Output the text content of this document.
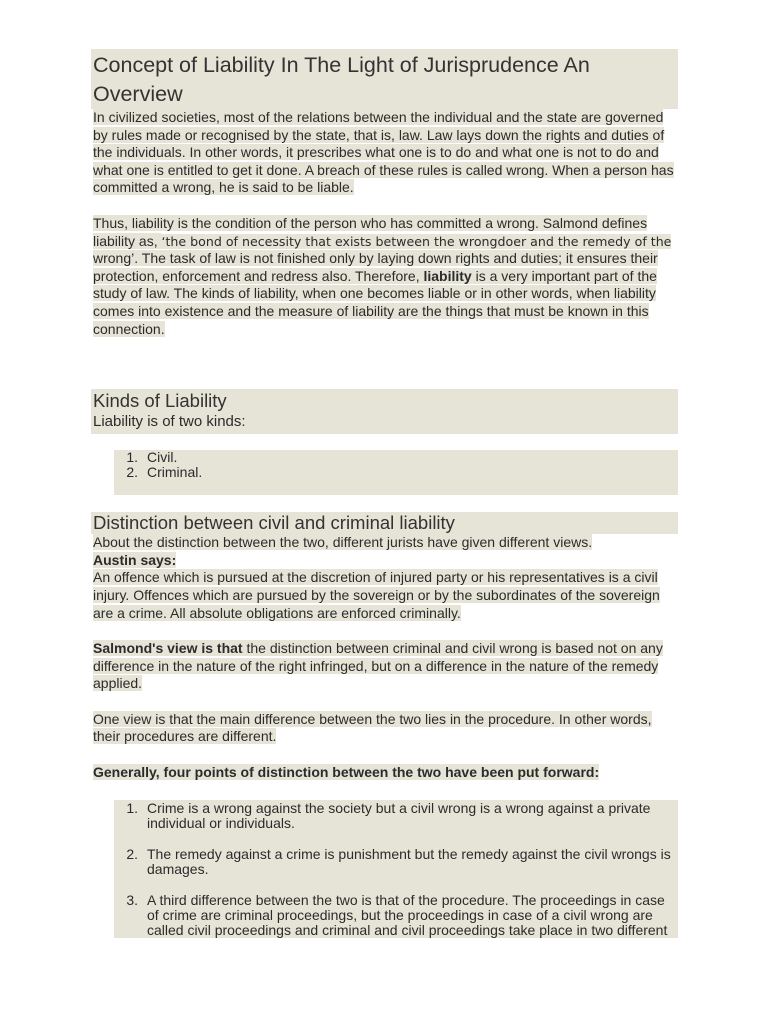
Concept of Liability In The Light of Jurisprudence An Overview

In civilized societies, most of the relations between the individual and the state are governed by rules made or recognised by the state, that is, law. Law lays down the rights and duties of the individuals. In other words, it prescribes what one is to do and what one is not to do and what one is entitled to get it done. A breach of these rules is called wrong. When a person has committed a wrong, he is said to be liable.

Thus, liability is the condition of the person who has committed a wrong. Salmond defines liability as, ‘the bond of necessity that exists between the wrongdoer and the remedy of the wrong’. The task of law is not finished only by laying down rights and duties; it ensures their protection, enforcement and redress also. Therefore, liability is a very important part of the study of law. The kinds of liability, when one becomes liable or in other words, when liability comes into existence and the measure of liability are the things that must be known in this connection.

Kinds of Liability

Liability is of two kinds:

1. Civil.
2. Criminal.
Distinction between civil and criminal liability

About the distinction between the two, different jurists have given different views.

Austin says:

An offence which is pursued at the discretion of injured party or his representatives is a civil injury. Offences which are pursued by the sovereign or by the subordinates of the sovereign are a crime. All absolute obligations are enforced criminally.

Salmond's view is that the distinction between criminal and civil wrong is based not on any difference in the nature of the right infringed, but on a difference in the nature of the remedy applied.

One view is that the main difference between the two lies in the procedure. In other words, their procedures are different.

Generally, four points of distinction between the two have been put forward:

1. Crime is a wrong against the society but a civil wrong is a wrong against a private individual or individuals.
2. The remedy against a crime is punishment but the remedy against the civil wrongs is damages.
3. A third difference between the two is that of the procedure. The proceedings in case of crime are criminal proceedings, but the proceedings in case of a civil wrong are called civil proceedings and criminal and civil proceedings take place in two different
